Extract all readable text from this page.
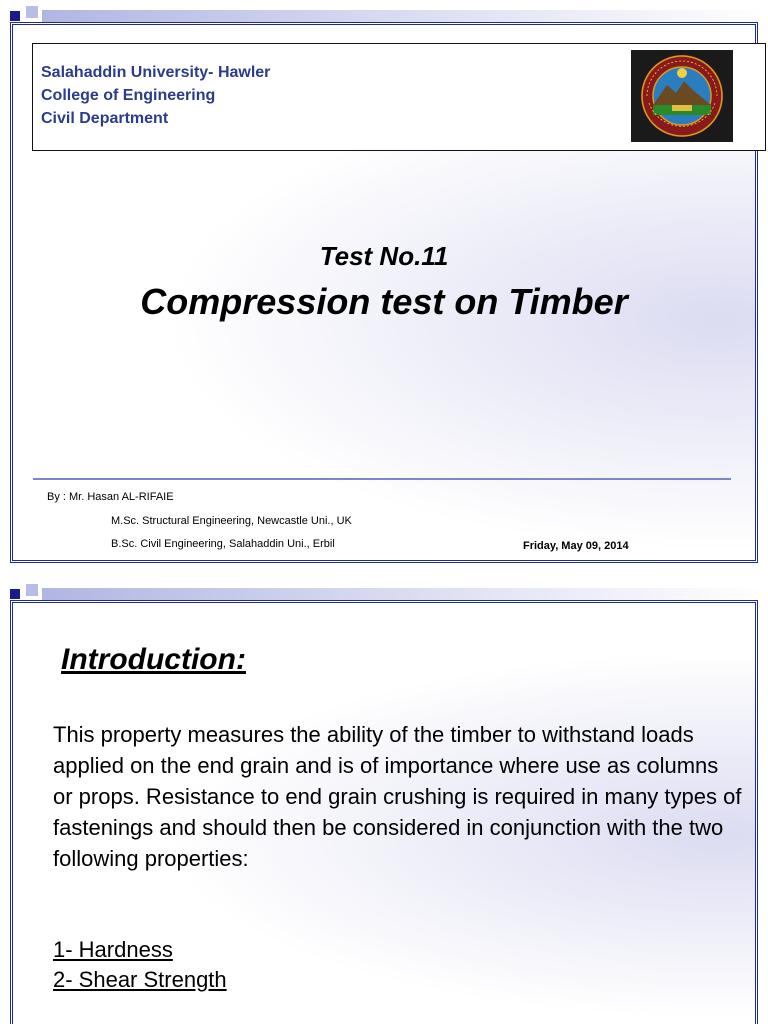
Salahaddin University- Hawler
College of Engineering
Civil Department
Test No.11
Compression test on Timber
By : Mr. Hasan AL-RIFAIE
M.Sc. Structural Engineering, Newcastle Uni., UK
B.Sc. Civil Engineering, Salahaddin Uni., Erbil	Friday, May 09, 2014
Introduction:

This property measures the ability of the timber to withstand loads applied on the end grain and is of importance where use as columns or props. Resistance to end grain crushing is required in many types of fastenings and should then be considered in conjunction with the two following properties:

1- Hardness
2- Shear Strength
